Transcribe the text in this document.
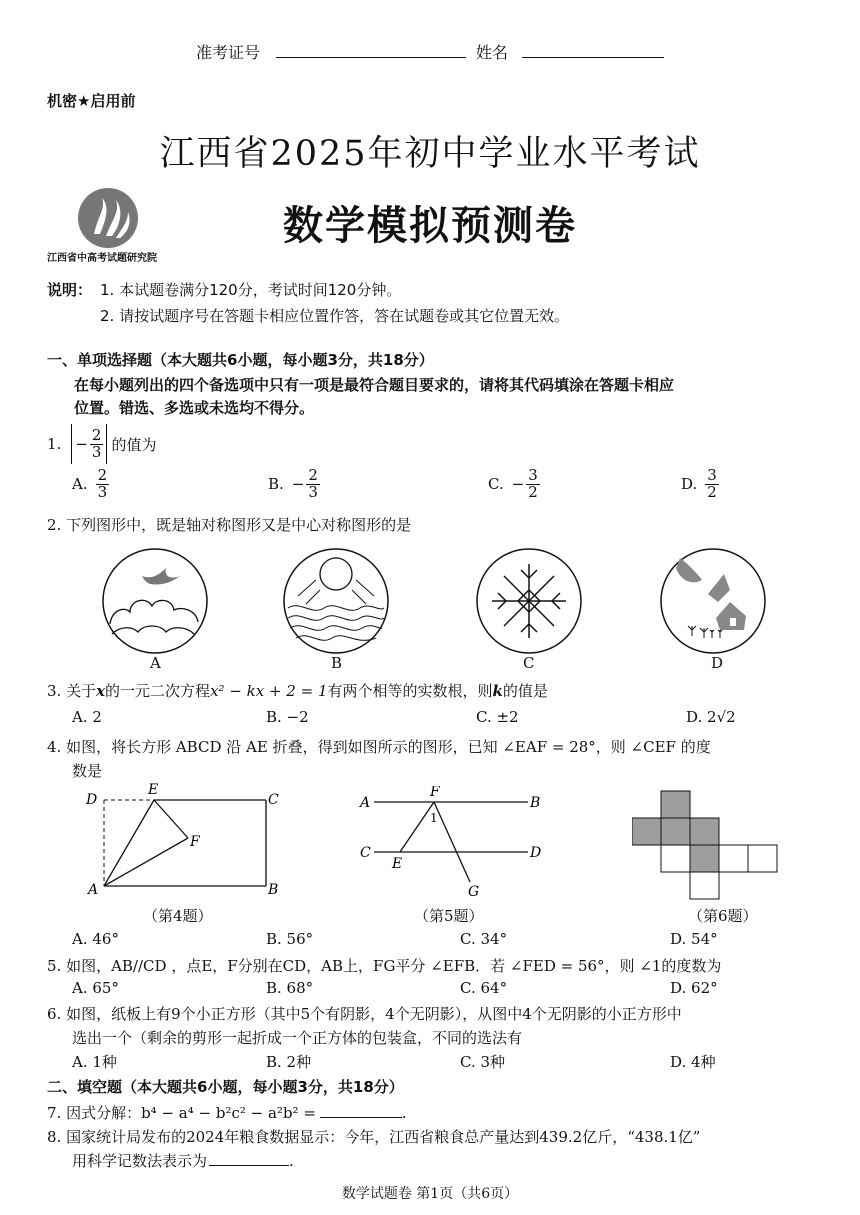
准考证号	姓名
机密★启用前
江西省2025年初中学业水平考试
江西省中高考试题研究院
数学模拟预测卷
说明： 1. 本试题卷满分120分，考试时间120分钟。
2. 请按试题序号在答题卡相应位置作答，答在试题卷或其它位置无效。
一、单项选择题（本大题共6小题，每小题3分，共18分）
在每小题列出的四个备选项中只有一项是最符合题目要求的，请将其代码填涂在答题卡相应
位置。错选、多选或未选均不得分。
1. − $\frac{2}{3}$ 的值为
A. $\frac{2}{3}$	B. − $\frac{2}{3}$	C. − $\frac{3}{2}$	D. $\frac{3}{2}$
2. 下列图形中，既是轴对称图形又是中心对称图形的是
A	B	C	D
3. 关于x的一元二次方程x² − kx + 2 = 1有两个相等的实数根，则k的值是
A. 2	B. −2	C. ±2	D. 2√2
4. 如图，将长方形 ABCD 沿 AE 折叠，得到如图所示的图形，已知 ∠EAF = 28°，则 ∠CEF 的度
数是
D
E
C
F
A	B
（第4题）
A
F
B
1
C
E
D
G
（第5题）	（第6题）
A. 46°	B. 56°	C. 34°	D. 54°
5. 如图，AB//CD ，点E，F分别在CD，AB上，FG平分 ∠EFB．若 ∠FED = 56°，则 ∠1的度数为
A. 65°	B. 68°	C. 64°	D. 62°
6. 如图，纸板上有9个小正方形（其中5个有阴影，4个无阴影），从图中4个无阴影的小正方形中
选出一个（剩余的剪形一起折成一个正方体的包装盒，不同的选法有
A. 1种	B. 2种	C. 3种	D. 4种
二、填空题（本大题共6小题，每小题3分，共18分）
7. 因式分解：b⁴ − a⁴ − b²c² − a²b² =	.
8. 国家统计局发布的2024年粮食数据显示：今年，江西省粮食总产量达到439.2亿斤，“438.1亿”
用科学记数法表示为	.
数学试题卷 第1页（共6页）
